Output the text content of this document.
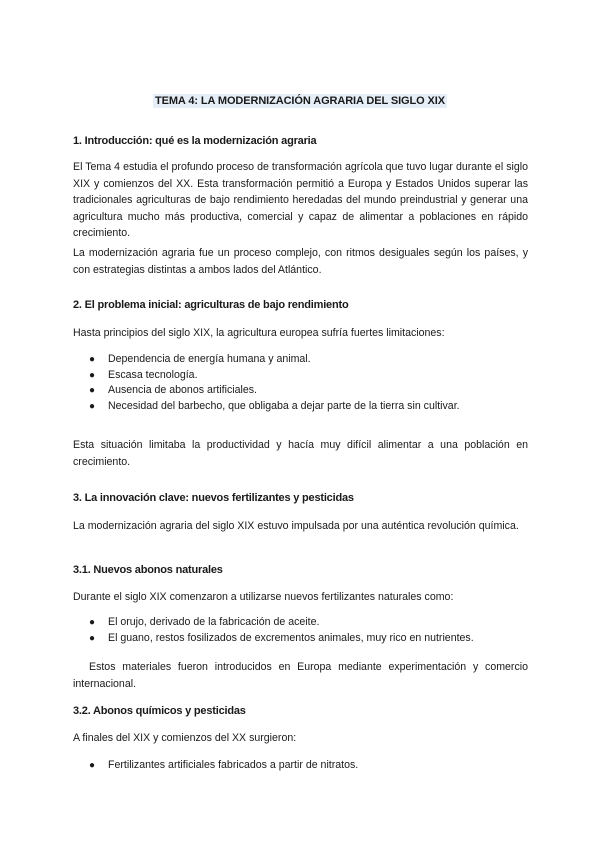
TEMA 4: LA MODERNIZACIÓN AGRARIA DEL SIGLO XIX
1. Introducción: qué es la modernización agraria

El Tema 4 estudia el profundo proceso de transformación agrícola que tuvo lugar durante el siglo XIX y comienzos del XX. Esta transformación permitió a Europa y Estados Unidos superar las tradicionales agriculturas de bajo rendimiento heredadas del mundo preindustrial y generar una agricultura mucho más productiva, comercial y capaz de alimentar a poblaciones en rápido crecimiento.

La modernización agraria fue un proceso complejo, con ritmos desiguales según los países, y con estrategias distintas a ambos lados del Atlántico.

2. El problema inicial: agriculturas de bajo rendimiento

Hasta principios del siglo XIX, la agricultura europea sufría fuertes limitaciones:

● Dependencia de energía humana y animal.
● Escasa tecnología.
● Ausencia de abonos artificiales.
● Necesidad del barbecho, que obligaba a dejar parte de la tierra sin cultivar.

Esta situación limitaba la productividad y hacía muy difícil alimentar a una población en crecimiento.

3. La innovación clave: nuevos fertilizantes y pesticidas

La modernización agraria del siglo XIX estuvo impulsada por una auténtica revolución química.

3.1. Nuevos abonos naturales

Durante el siglo XIX comenzaron a utilizarse nuevos fertilizantes naturales como:

● El orujo, derivado de la fabricación de aceite.
● El guano, restos fosilizados de excrementos animales, muy rico en nutrientes.

Estos materiales fueron introducidos en Europa mediante experimentación y comercio internacional.

3.2. Abonos químicos y pesticidas

A finales del XIX y comienzos del XX surgieron:

● Fertilizantes artificiales fabricados a partir de nitratos.
